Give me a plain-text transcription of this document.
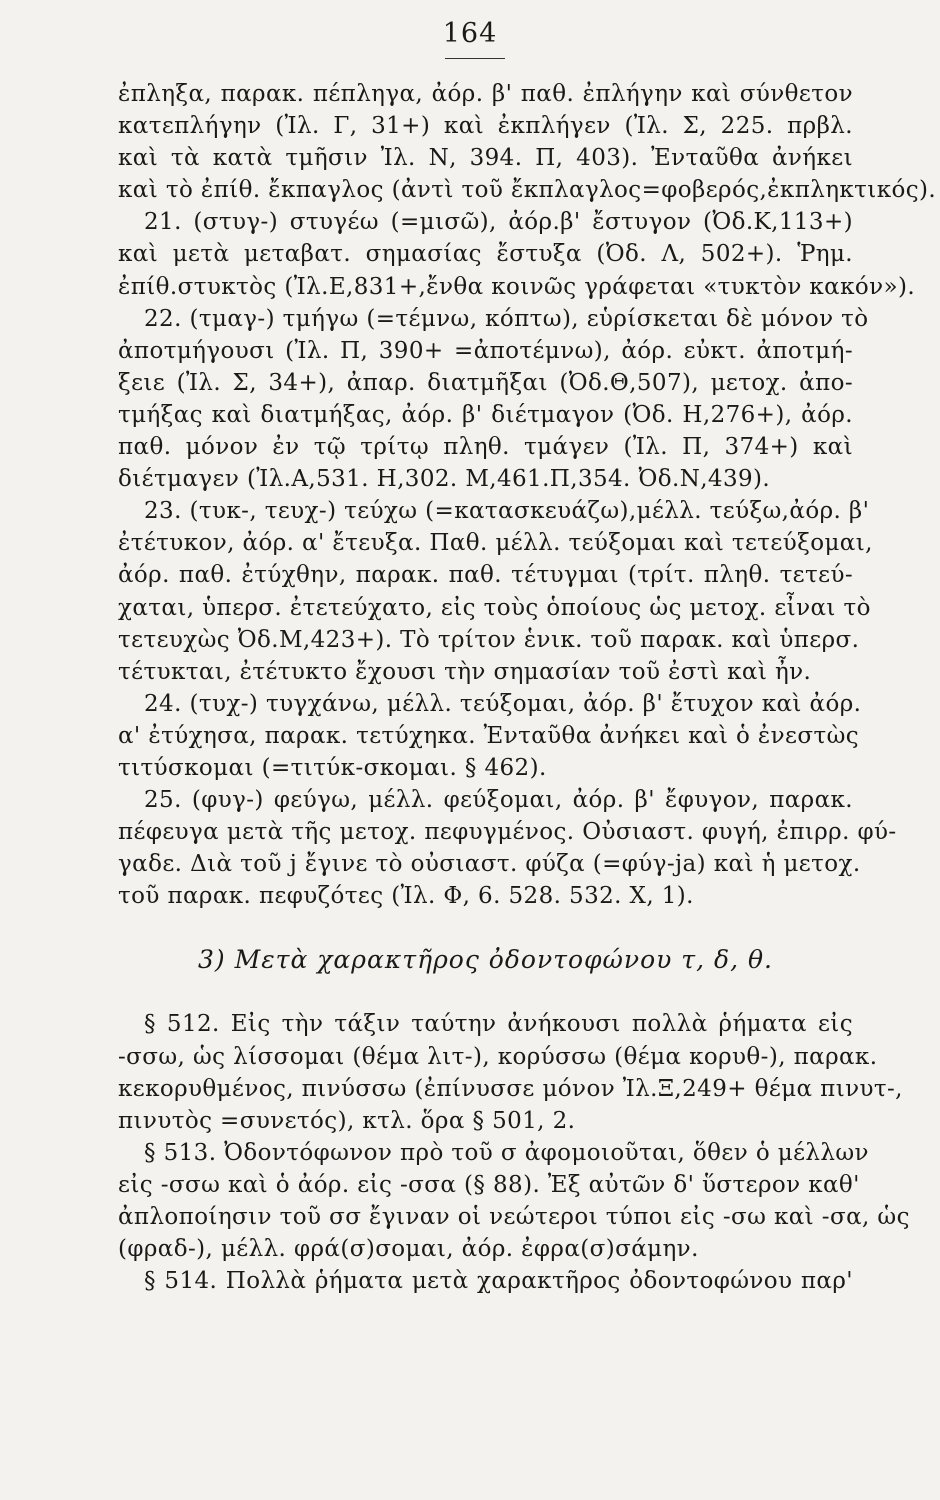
164
ἐπληξα, παρακ. πέπληγα, ἀόρ. β' παθ. ἐπλήγην καὶ σύνθετον
κατεπλήγην (Ἰλ. Γ, 31+) καὶ ἐκπλήγεν (Ἰλ. Σ, 225. πρβλ.
καὶ τὰ κατὰ τμῆσιν Ἰλ. Ν, 394. Π, 403). Ἐνταῦθα ἀνήκει
καὶ τὸ ἐπίθ. ἔκπαγλος (ἀντὶ τοῦ ἔκπλαγλος=φοβερός,ἐκπληκτικός).
21. (στυγ-) στυγέω (=μισῶ), ἀόρ.β' ἔστυγον (Ὀδ.Κ,113+)
καὶ μετὰ μεταβατ. σημασίας ἔστυξα (Ὀδ. Λ, 502+). Ῥημ.
ἐπίθ.στυκτὸς (Ἰλ.Ε,831+,ἔνθα κοινῶς γράφεται «τυκτὸν κακόν»).
22. (τμαγ-) τμήγω (=τέμνω, κόπτω), εὑρίσκεται δὲ μόνον τὸ
ἀποτμήγουσι (Ἰλ. Π, 390+ =ἀποτέμνω), ἀόρ. εὐκτ. ἀποτμή-
ξειε (Ἰλ. Σ, 34+), ἀπαρ. διατμῆξαι (Ὀδ.Θ,507), μετοχ. ἀπο-
τμήξας καὶ διατμήξας, ἀόρ. β' διέτμαγον (Ὀδ. Η,276+), ἀόρ.
παθ. μόνον ἐν τῷ τρίτῳ πληθ. τμάγεν (Ἰλ. Π, 374+) καὶ
διέτμαγεν (Ἰλ.Α,531. Η,302. Μ,461.Π,354. Ὀδ.Ν,439).
23. (τυκ-, τευχ-) τεύχω (=κατασκευάζω),μέλλ. τεύξω,ἀόρ. β'
ἐτέτυκον, ἀόρ. α' ἔτευξα. Παθ. μέλλ. τεύξομαι καὶ τετεύξομαι,
ἀόρ. παθ. ἐτύχθην, παρακ. παθ. τέτυγμαι (τρίτ. πληθ. τετεύ-
χαται, ὑπερσ. ἐτετεύχατο, εἰς τοὺς ὁποίους ὡς μετοχ. εἶναι τὸ
τετευχὼς Ὀδ.Μ,423+). Τὸ τρίτον ἑνικ. τοῦ παρακ. καὶ ὑπερσ.
τέτυκται, ἐτέτυκτο ἔχουσι τὴν σημασίαν τοῦ ἐστὶ καὶ ἦν.
24. (τυχ-) τυγχάνω, μέλλ. τεύξομαι, ἀόρ. β' ἔτυχον καὶ ἀόρ.
α' ἐτύχησα, παρακ. τετύχηκα. Ἐνταῦθα ἀνήκει καὶ ὁ ἐνεστὼς
τιτύσκομαι (=τιτύκ-σκομαι. § 462).
25. (φυγ-) φεύγω, μέλλ. φεύξομαι, ἀόρ. β' ἔφυγον, παρακ.
πέφευγα μετὰ τῆς μετοχ. πεφυγμένος. Οὐσιαστ. φυγή, ἐπιρρ. φύ-
γαδε. Διὰ τοῦ j ἔγινε τὸ οὐσιαστ. φύζα (=φύγ-ja) καὶ ἡ μετοχ.
τοῦ παρακ. πεφυζότες (Ἰλ. Φ, 6. 528. 532. Χ, 1).
3) Μετὰ χαρακτῆρος ὀδοντοφώνου τ, δ, θ.
§ 512. Εἰς τὴν τάξιν ταύτην ἀνήκουσι πολλὰ ῥήματα εἰς
-σσω, ὡς λίσσομαι (θέμα λιτ-), κορύσσω (θέμα κορυθ-), παρακ.
κεκορυθμένος, πινύσσω (ἐπίνυσσε μόνον Ἰλ.Ξ,249+ θέμα πινυτ-,
πινυτὸς =συνετός), κτλ. ὅρα § 501, 2.
§ 513. Ὀδοντόφωνον πρὸ τοῦ σ ἀφομοιοῦται, ὅθεν ὁ μέλλων
εἰς -σσω καὶ ὁ ἀόρ. εἰς -σσα (§ 88). Ἐξ αὐτῶν δ' ὕστερον καθ'
ἀπλοποίησιν τοῦ σσ ἔγιναν οἱ νεώτεροι τύποι εἰς -σω καὶ -σα, ὡς
(φραδ-), μέλλ. φρά(σ)σομαι, ἀόρ. ἐφρα(σ)σάμην.
§ 514. Πολλὰ ῥήματα μετὰ χαρακτῆρος ὀδοντοφώνου παρ'
